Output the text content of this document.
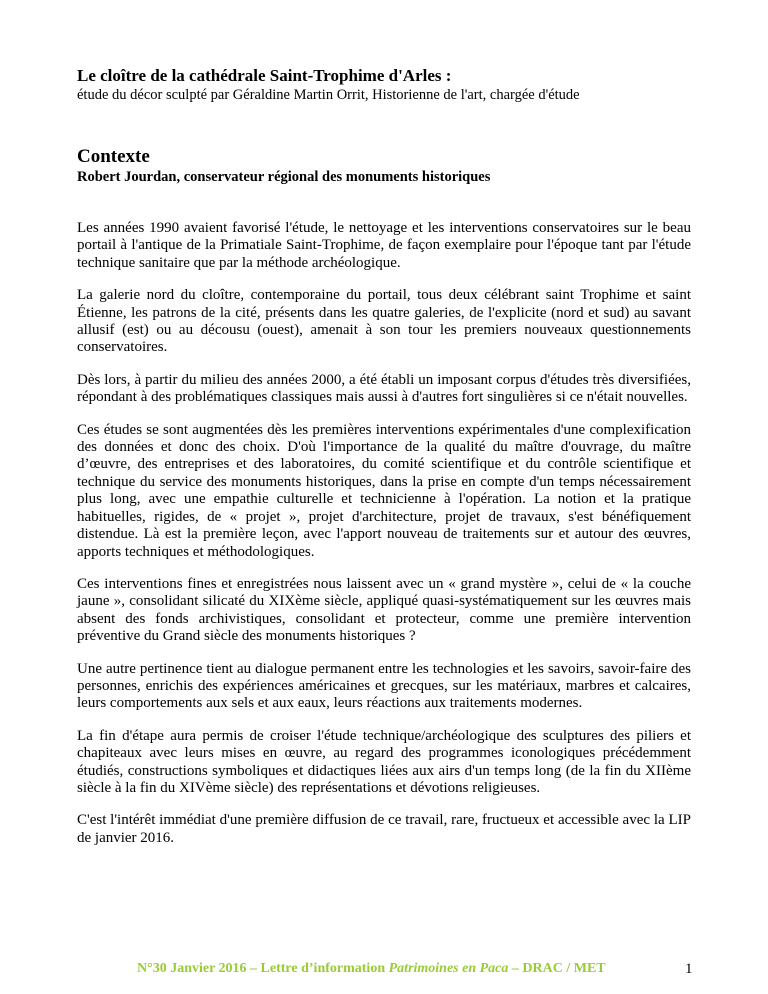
Le cloître de la cathédrale Saint-Trophime d'Arles :
étude du décor sculpté par Géraldine Martin Orrit, Historienne de l'art, chargée d'étude
Contexte
Robert Jourdan, conservateur régional des monuments historiques

Les années 1990 avaient favorisé l'étude, le nettoyage et les interventions conservatoires sur le beau portail à l'antique de la Primatiale Saint-Trophime, de façon exemplaire pour l'époque tant par l'étude technique sanitaire que par la méthode archéologique.

La galerie nord du cloître, contemporaine du portail, tous deux célébrant saint Trophime et saint Étienne, les patrons de la cité, présents dans les quatre galeries, de l'explicite (nord et sud) au savant allusif (est) ou au décousu (ouest), amenait à son tour les premiers nouveaux questionnements conservatoires.

Dès lors, à partir du milieu des années 2000, a été établi un imposant corpus d'études très diversifiées, répondant à des problématiques classiques mais aussi à d'autres fort singulières si ce n'était nouvelles.

Ces études se sont augmentées dès les premières interventions expérimentales d'une complexification des données et donc des choix. D'où l'importance de la qualité du maître d'ouvrage, du maître d’œuvre, des entreprises et des laboratoires, du comité scientifique et du contrôle scientifique et technique du service des monuments historiques, dans la prise en compte d'un temps nécessairement plus long, avec une empathie culturelle et technicienne à l'opération. La notion et la pratique habituelles, rigides, de « projet », projet d'architecture, projet de travaux, s'est bénéfiquement distendue. Là est la première leçon, avec l'apport nouveau de traitements sur et autour des œuvres, apports techniques et méthodologiques.

Ces interventions fines et enregistrées nous laissent avec un « grand mystère », celui de « la couche jaune », consolidant silicaté du XIXème siècle, appliqué quasi-systématiquement sur les œuvres mais absent des fonds archivistiques, consolidant et protecteur, comme une première intervention préventive du Grand siècle des monuments historiques ?

Une autre pertinence tient au dialogue permanent entre les technologies et les savoirs, savoir-faire des personnes, enrichis des expériences américaines et grecques, sur les matériaux, marbres et calcaires, leurs comportements aux sels et aux eaux, leurs réactions aux traitements modernes.

La fin d'étape aura permis de croiser l'étude technique/archéologique des sculptures des piliers et chapiteaux avec leurs mises en œuvre, au regard des programmes iconologiques précédemment étudiés, constructions symboliques et didactiques liées aux airs d'un temps long (de la fin du XIIème siècle à la fin du XIVème siècle) des représentations et dévotions religieuses.

C'est l'intérêt immédiat d'une première diffusion de ce travail, rare, fructueux et accessible avec la LIP de janvier 2016.

N°30 Janvier 2016 – Lettre d’information Patrimoines en Paca – DRAC / MET	1
